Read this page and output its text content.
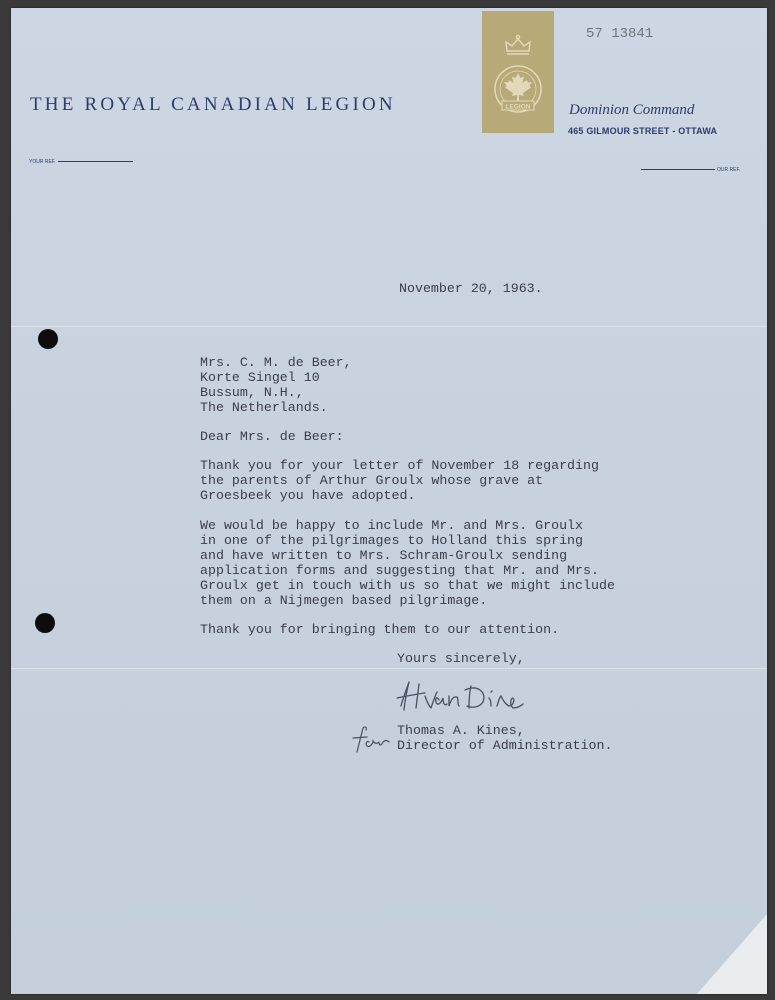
57 13841
THE ROYAL CANADIAN LEGION	LEGION	Dominion Command
465 GILMOUR STREET - OTTAWA
YOUR REF.
OUR REF.

November 20, 1963.

Mrs. C. M. de Beer,

Korte Singel 10

Bussum, N.H.,

The Netherlands.

Dear Mrs. de Beer:

Thank you for your letter of November 18 regarding

the parents of Arthur Groulx whose grave at

Groesbeek you have adopted.

We would be happy to include Mr. and Mrs. Groulx

in one of the pilgrimages to Holland this spring

and have written to Mrs. Schram-Groulx sending

application forms and suggesting that Mr. and Mrs.

Groulx get in touch with us so that we might include

them on a Nijmegen based pilgrimage.

Thank you for bringing them to our attention.

Yours sincerely,

Thomas A. Kines,

Director of Administration.
